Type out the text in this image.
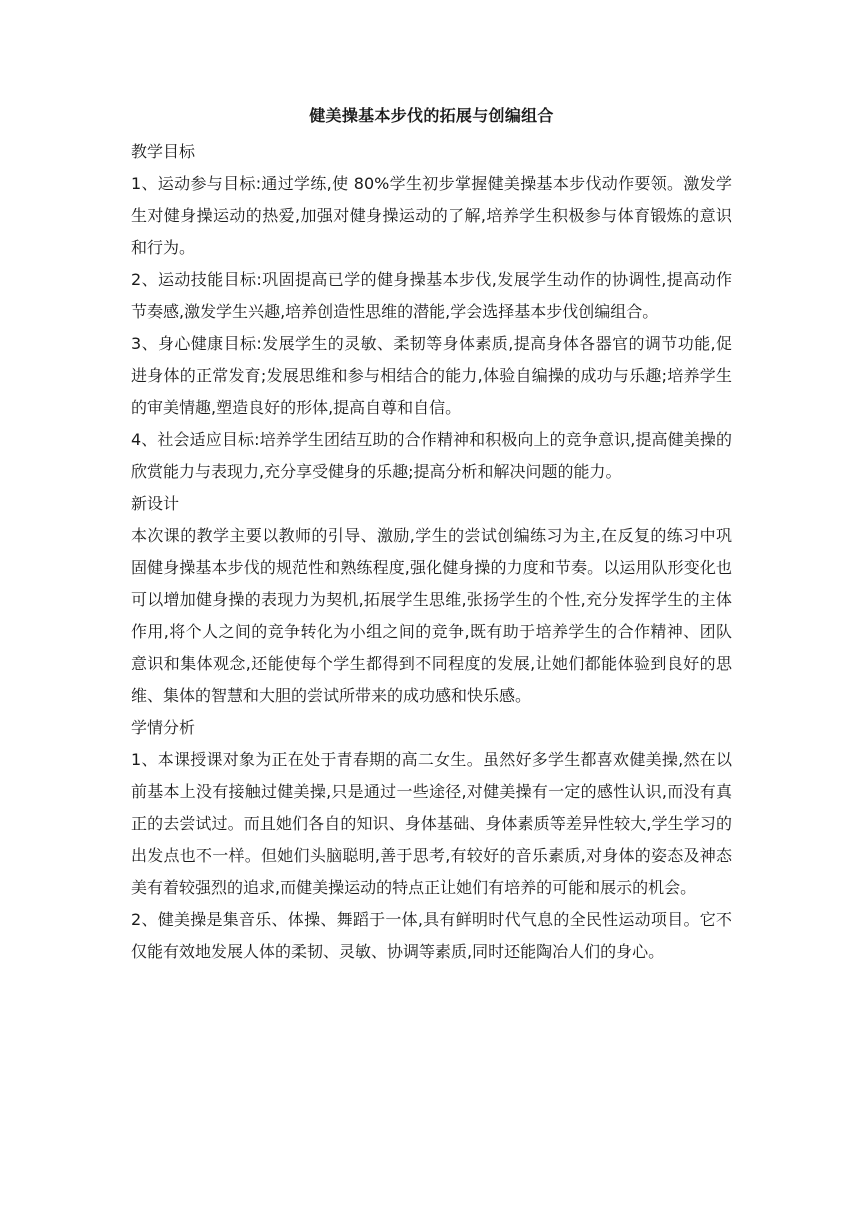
健美操基本步伐的拓展与创编组合
教学目标

1、运动参与目标:通过学练,使 80%学生初步掌握健美操基本步伐动作要领。激发学生对健身操运动的热爱,加强对健身操运动的了解,培养学生积极参与体育锻炼的意识和行为。

2、运动技能目标:巩固提高已学的健身操基本步伐,发展学生动作的协调性,提高动作节奏感,激发学生兴趣,培养创造性思维的潜能,学会选择基本步伐创编组合。

3、身心健康目标:发展学生的灵敏、柔韧等身体素质,提高身体各器官的调节功能,促进身体的正常发育;发展思维和参与相结合的能力,体验自编操的成功与乐趣;培养学生的审美情趣,塑造良好的形体,提高自尊和自信。

4、社会适应目标:培养学生团结互助的合作精神和积极向上的竞争意识,提高健美操的欣赏能力与表现力,充分享受健身的乐趣;提高分析和解决问题的能力。

新设计

本次课的教学主要以教师的引导、激励,学生的尝试创编练习为主,在反复的练习中巩固健身操基本步伐的规范性和熟练程度,强化健身操的力度和节奏。以运用队形变化也可以增加健身操的表现力为契机,拓展学生思维,张扬学生的个性,充分发挥学生的主体作用,将个人之间的竞争转化为小组之间的竞争,既有助于培养学生的合作精神、团队意识和集体观念,还能使每个学生都得到不同程度的发展,让她们都能体验到良好的思维、集体的智慧和大胆的尝试所带来的成功感和快乐感。

学情分析

1、本课授课对象为正在处于青春期的高二女生。虽然好多学生都喜欢健美操,然在以前基本上没有接触过健美操,只是通过一些途径,对健美操有一定的感性认识,而没有真正的去尝试过。而且她们各自的知识、身体基础、身体素质等差异性较大,学生学习的出发点也不一样。但她们头脑聪明,善于思考,有较好的音乐素质,对身体的姿态及神态美有着较强烈的追求,而健美操运动的特点正让她们有培养的可能和展示的机会。

2、健美操是集音乐、体操、舞蹈于一体,具有鲜明时代气息的全民性运动项目。它不仅能有效地发展人体的柔韧、灵敏、协调等素质,同时还能陶冶人们的身心。
